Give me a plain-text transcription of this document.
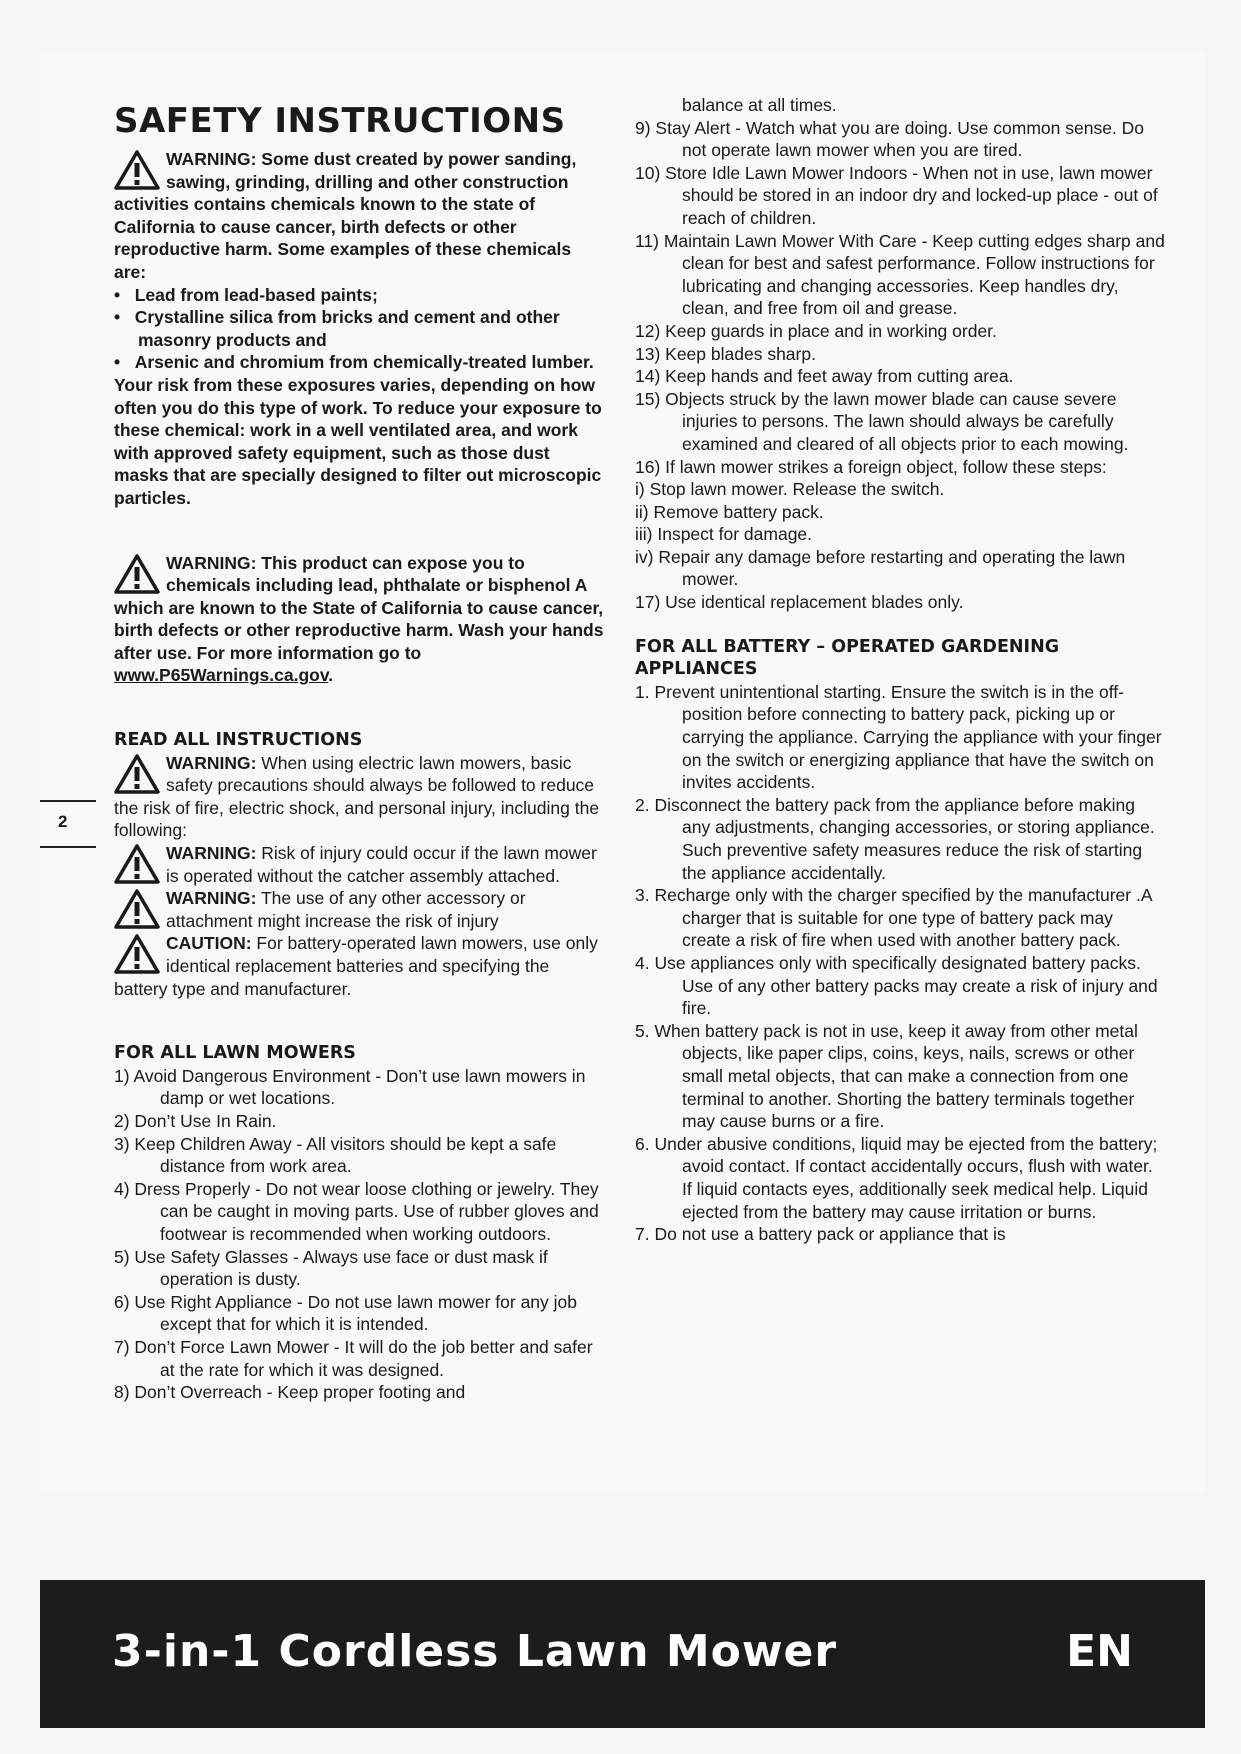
SAFETY INSTRUCTIONS
WARNING: Some dust created by power sanding, sawing, grinding, drilling and other construction activities contains chemicals known to the state of California to cause cancer, birth defects or other reproductive harm. Some examples of these chemicals are:
•   Lead from lead-based paints;
•   Crystalline silica from bricks and cement and other masonry products and
•   Arsenic and chromium from chemically-treated lumber.
Your risk from these exposures varies, depending on how often you do this type of work. To reduce your exposure to these chemical: work in a well ventilated area, and work with approved safety equipment, such as those dust masks that are specially designed to filter out microscopic particles.
WARNING: This product can expose you to chemicals including lead, phthalate or bisphenol A which are known to the State of California to cause cancer, birth defects or other reproductive harm. Wash your hands after use. For more information go to www.P65Warnings.ca.gov.
READ ALL INSTRUCTIONS
WARNING: When using electric lawn mowers, basic safety precautions should always be followed to reduce the risk of fire, electric shock, and personal injury, including the following:
WARNING: Risk of injury could occur if the lawn mower is operated without the catcher assembly attached.
WARNING: The use of any other accessory or attachment might increase the risk of injury
CAUTION: For battery-operated lawn mowers, use only identical replacement batteries and specifying the battery type and manufacturer.
FOR ALL LAWN MOWERS
1) Avoid Dangerous Environment - Don’t use lawn mowers in damp or wet locations.
2) Don’t Use In Rain.
3) Keep Children Away - All visitors should be kept a safe distance from work area.
4) Dress Properly - Do not wear loose clothing or jewelry. They can be caught in moving parts. Use of rubber gloves and footwear is recommended when working outdoors.
5) Use Safety Glasses - Always use face or dust mask if operation is dusty.
6) Use Right Appliance - Do not use lawn mower for any job except that for which it is intended.
7) Don’t Force Lawn Mower - It will do the job better and safer at the rate for which it was designed.
8) Don’t Overreach - Keep proper footing and
balance at all times.
9) Stay Alert - Watch what you are doing. Use common sense. Do not operate lawn mower when you are tired.
10) Store Idle Lawn Mower Indoors - When not in use, lawn mower should be stored in an indoor dry and locked-up place - out of reach of children.
11) Maintain Lawn Mower With Care - Keep cutting edges sharp and clean for best and safest performance. Follow instructions for lubricating and changing accessories. Keep handles dry, clean, and free from oil and grease.
12) Keep guards in place and in working order.
13) Keep blades sharp.
14) Keep hands and feet away from cutting area.
15) Objects struck by the lawn mower blade can cause severe injuries to persons. The lawn should always be carefully examined and cleared of all objects prior to each mowing.
16) If lawn mower strikes a foreign object, follow these steps:
i) Stop lawn mower. Release the switch.
ii) Remove battery pack.
iii) Inspect for damage.
iv) Repair any damage before restarting and operating the lawn mower.
17) Use identical replacement blades only.
FOR ALL BATTERY – OPERATED GARDENING APPLIANCES
1. Prevent unintentional starting. Ensure the switch is in the off-position before connecting to battery pack, picking up or carrying the appliance. Carrying the appliance with your finger on the switch or energizing appliance that have the switch on invites accidents.
2. Disconnect the battery pack from the appliance before making any adjustments, changing accessories, or storing appliance. Such preventive safety measures reduce the risk of starting the appliance accidentally.
3. Recharge only with the charger specified by the manufacturer .A charger that is suitable for one type of battery pack may create a risk of fire when used with another battery pack.
4. Use appliances only with specifically designated battery packs. Use of any other battery packs may create a risk of injury and fire.
5. When battery pack is not in use, keep it away from other metal objects, like paper clips, coins, keys, nails, screws or other small metal objects, that can make a connection from one terminal to another. Shorting the battery terminals together may cause burns or a fire.
6. Under abusive conditions, liquid may be ejected from the battery; avoid contact. If contact accidentally occurs, flush with water. If liquid contacts eyes, additionally seek medical help. Liquid ejected from the battery may cause irritation or burns.
7. Do not use a battery pack or appliance that is
2
3-in-1 Cordless Lawn Mower	EN
